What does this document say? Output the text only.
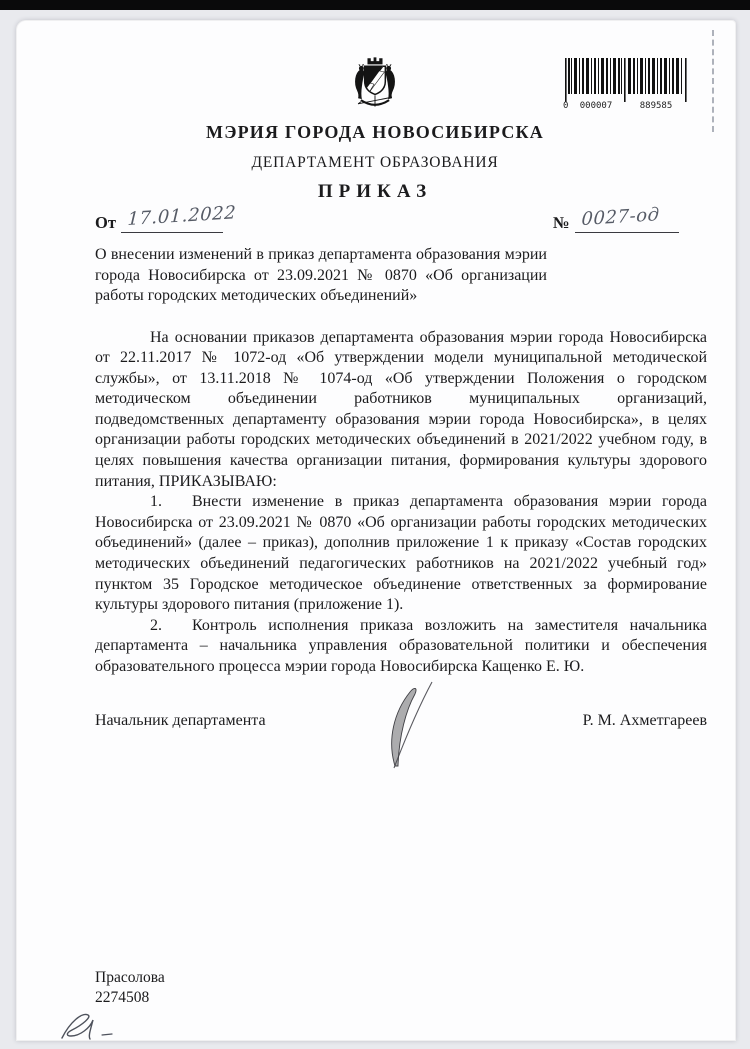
0 000007	889585
МЭРИЯ ГОРОДА НОВОСИБИРСКА
ДЕПАРТАМЕНТ ОБРАЗОВАНИЯ
ПРИКАЗ
От 17.01.2022	№ 0027-од

О внесении изменений в приказ департамента образования мэрии города Новосибирска от 23.09.2021 № 0870 «Об организации работы городских методических объединений»

На основании приказов департамента образования мэрии города Новосибирска от 22.11.2017 № 1072-од «Об утверждении модели муниципальной методической службы», от 13.11.2018 № 1074-од «Об утверждении Положения о городском методическом объединении работников муниципальных организаций, подведомственных департаменту образования мэрии города Новосибирска», в целях организации работы городских методических объединений в 2021/2022 учебном году, в целях повышения качества организации питания, формирования культуры здорового питания, ПРИКАЗЫВАЮ:

1. Внести изменение в приказ департамента образования мэрии города Новосибирска от 23.09.2021 № 0870 «Об организации работы городских методических объединений» (далее – приказ), дополнив приложение 1 к приказу «Состав городских методических объединений педагогических работников на 2021/2022 учебный год» пунктом 35 Городское методическое объединение ответственных за формирование культуры здорового питания (приложение 1).

2. Контроль исполнения приказа возложить на заместителя начальника департамента – начальника управления образовательной политики и обеспечения образовательного процесса мэрии города Новосибирска Кащенко Е. Ю.

Начальник департамента	Р. М. Ахметгареев
Прасолова
2274508
